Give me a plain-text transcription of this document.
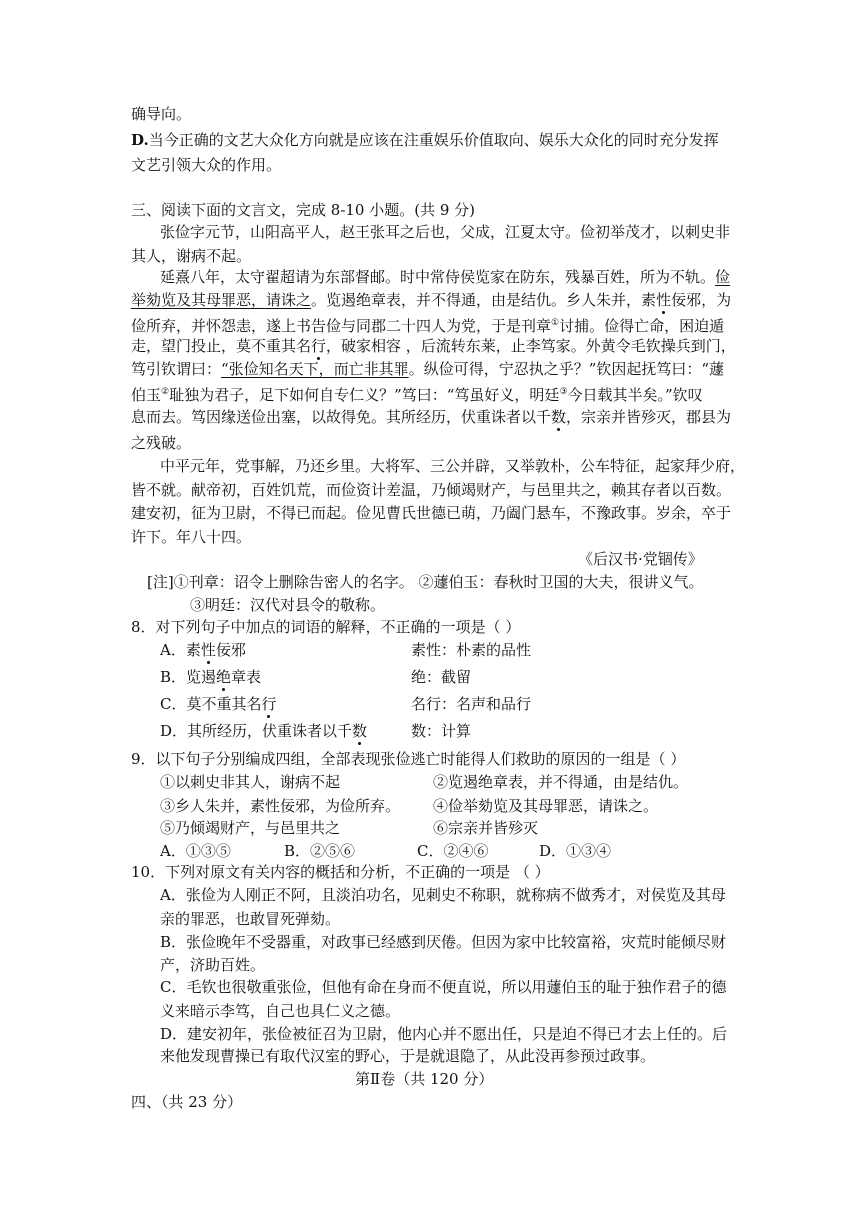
确导向。
D.当今正确的文艺大众化方向就是应该在注重娱乐价值取向、娱乐大众化的同时充分发挥
文艺引领大众的作用。
三、阅读下面的文言文，完成 8-10 小题。(共 9 分)
张俭字元节，山阳高平人，赵王张耳之后也，父成，江夏太守。俭初举茂才，以刺史非
其人，谢病不起。
延熹八年，太守翟超请为东部督邮。时中常侍侯览家在防东，残暴百姓，所为不轨。俭
举劾览及其母罪恶，请诛之。览遏绝章表，并不得通，由是结仇。乡人朱并，素性佞邪，为
俭所弃，并怀怨恚，遂上书告俭与同郡二十四人为党，于是刊章①讨捕。俭得亡命，困迫遁
走，望门投止，莫不重其名行，破家相容 ，后流转东莱，止李笃家。外黄令毛钦操兵到门，
笃引钦谓曰：“张俭知名天下，而亡非其罪。纵俭可得，宁忍执之乎？”钦因起抚笃曰：“蘧
伯玉②耻独为君子，足下如何自专仁义？”笃曰：“笃虽好义，明廷③今日载其半矣。”钦叹
息而去。笃因缘送俭出塞，以故得免。其所经历，伏重诛者以千数，宗亲并皆殄灭，郡县为
之残破。
中平元年，党事解，乃还乡里。大将军、三公并辟，又举敦朴，公车特征，起家拜少府，
皆不就。献帝初，百姓饥荒，而俭资计差温，乃倾竭财产，与邑里共之，赖其存者以百数。
建安初，征为卫尉，不得已而起。俭见曹氏世德已萌，乃阖门悬车，不豫政事。岁余，卒于
许下。年八十四。
《后汉书·党锢传》
[注]①刊章：诏令上删除告密人的名字。 ②蘧伯玉：春秋时卫国的大夫，很讲义气。
③明廷：汉代对县令的敬称。
8．对下列句子中加点的词语的解释，不正确的一项是（ ）
A．素性佞邪	素性：朴素的品性
B．览遏绝章表	绝：截留
C．莫不重其名行	名行：名声和品行
D．其所经历，伏重诛者以千数	数：计算
9．以下句子分别编成四组，全部表现张俭逃亡时能得人们救助的原因的一组是（ ）
①以刺史非其人，谢病不起	②览遏绝章表，并不得通，由是结仇。
③乡人朱并，素性佞邪，为俭所弃。 ④俭举劾览及其母罪恶，请诛之。
⑤乃倾竭财产，与邑里共之	⑥宗亲并皆殄灭
A．①③⑤	B．②⑤⑥	C．②④⑥	D．①③④
10．下列对原文有关内容的概括和分析，不正确的一项是 （ ）
A．张俭为人刚正不阿，且淡泊功名，见刺史不称职，就称病不做秀才，对侯览及其母
亲的罪恶，也敢冒死弹劾。
B．张俭晚年不受器重，对政事已经感到厌倦。但因为家中比较富裕，灾荒时能倾尽财
产，济助百姓。
C．毛钦也很敬重张俭，但他有命在身而不便直说，所以用蘧伯玉的耻于独作君子的德
义来暗示李笃，自己也具仁义之德。
D．建安初年，张俭被征召为卫尉，他内心并不愿出任，只是迫不得已才去上任的。后
来他发现曹操已有取代汉室的野心，于是就退隐了，从此没再参预过政事。
第Ⅱ卷（共 120 分）
四、（共 23 分）
